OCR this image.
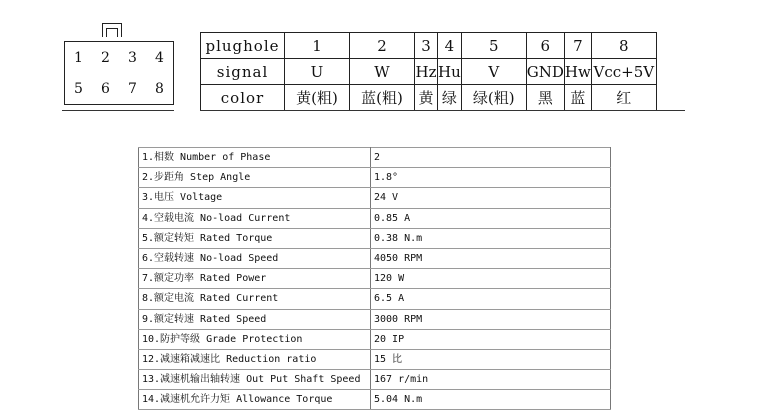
1	2	3	4
5	6	7	8
plughole	1	2	3	4	5	6	7	8
signal	U	W	Hz	Hu	V	GND	Hw	Vcc+5V
color	黄(粗)	蓝(粗)	黄	绿	绿(粗)	黑	蓝	红
1.相数 Number of Phase	2
2.步距角 Step Angle	1.8°
3.电压 Voltage	24 V
4.空载电流 No-load Current	0.85 A
5.额定转矩 Rated Torque	0.38 N.m
6.空载转速 No-load Speed	4050 RPM
7.额定功率 Rated Power	120 W
8.额定电流 Rated Current	6.5 A
9.额定转速 Rated Speed	3000 RPM
10.防护等级 Grade Protection	20 IP
12.减速箱减速比 Reduction ratio	15 比
13.减速机输出轴转速 Out Put Shaft Speed	167 r/min
14.减速机允许力矩 Allowance Torque	5.04 N.m
